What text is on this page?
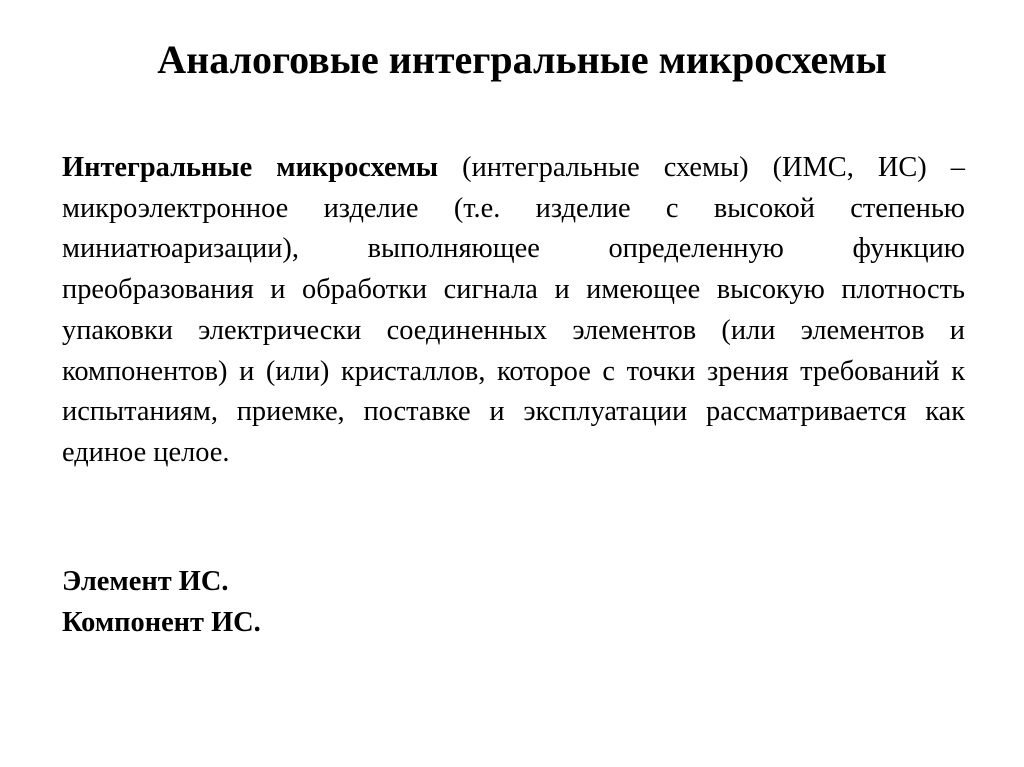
Аналоговые интегральные микросхемы

Интегральные микросхемы (интегральные схемы) (ИМС, ИС) – микроэлектронное изделие (т.е. изделие с высокой степенью миниатюаризации), выполняющее определенную функцию преобразования и обработки сигнала и имеющее высокую плотность упаковки электрически соединенных элементов (или элементов и компонентов) и (или) кристаллов, которое с точки зрения требований к испытаниям, приемке, поставке и эксплуатации рассматривается как единое целое.

Элемент ИС.

Компонент ИС.
